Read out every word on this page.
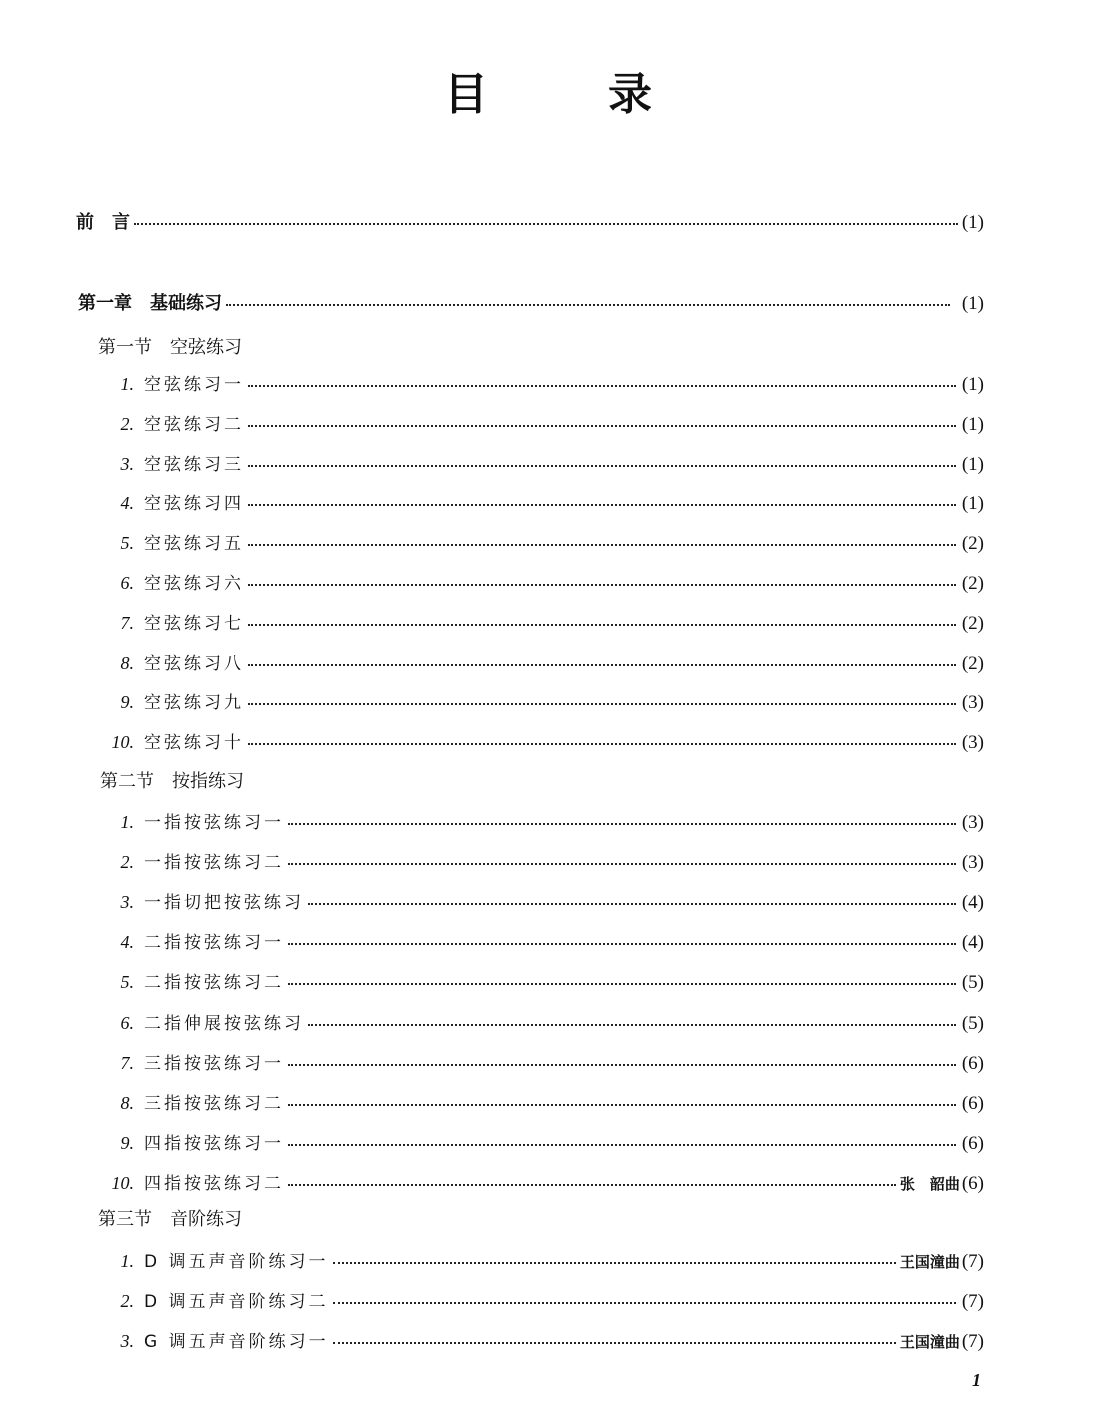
目	录
前　言	(1)
第一章　基础练习	(1)
第一节　空弦练习
1. 空弦练习一	(1)
2. 空弦练习二	(1)
3. 空弦练习三	(1)
4. 空弦练习四	(1)
5. 空弦练习五	(2)
6. 空弦练习六	(2)
7. 空弦练习七	(2)
8. 空弦练习八	(2)
9. 空弦练习九	(3)
10. 空弦练习十	(3)
第二节　按指练习
1. 一指按弦练习一	(3)
2. 一指按弦练习二	(3)
3. 一指切把按弦练习	(4)
4. 二指按弦练习一	(4)
5. 二指按弦练习二	(5)
6. 二指伸展按弦练习	(5)
7. 三指按弦练习一	(6)
8. 三指按弦练习二	(6)
9. 四指按弦练习一	(6)
10. 四指按弦练习二	张　韶曲 (6)
第三节　音阶练习
1. D 调五声音阶练习一	王国潼曲 (7)
2. D 调五声音阶练习二	(7)
3. G 调五声音阶练习一	王国潼曲 (7)
1
